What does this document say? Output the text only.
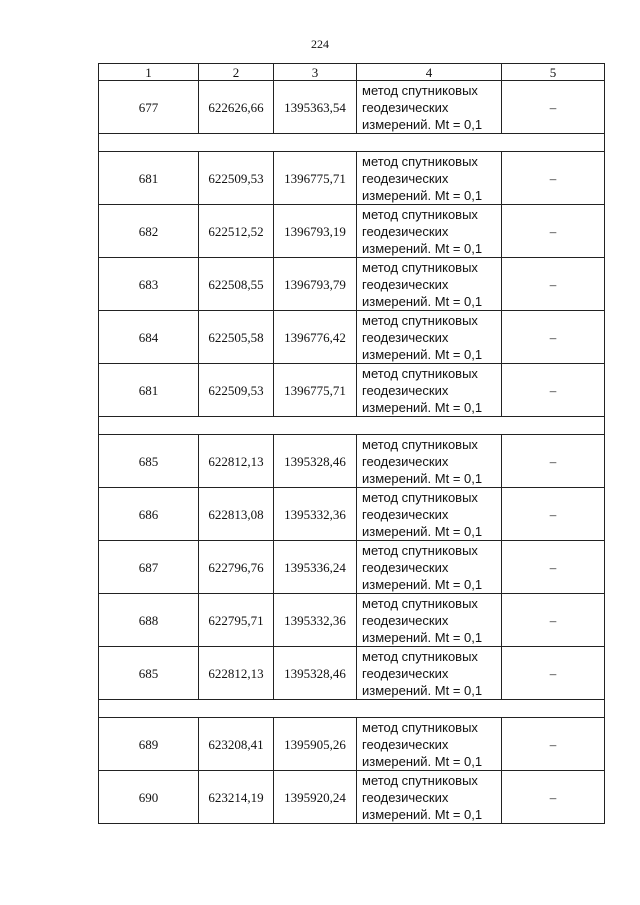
224
1	2	3	4	5
677	622626,66	1395363,54	метод спутниковых
геодезических
измерений. Mt = 0,1	–

681	622509,53	1396775,71	метод спутниковых
геодезических
измерений. Mt = 0,1	–
682	622512,52	1396793,19	метод спутниковых
геодезических
измерений. Mt = 0,1	–
683	622508,55	1396793,79	метод спутниковых
геодезических
измерений. Mt = 0,1	–
684	622505,58	1396776,42	метод спутниковых
геодезических
измерений. Mt = 0,1	–
681	622509,53	1396775,71	метод спутниковых
геодезических
измерений. Mt = 0,1	–

685	622812,13	1395328,46	метод спутниковых
геодезических
измерений. Mt = 0,1	–
686	622813,08	1395332,36	метод спутниковых
геодезических
измерений. Mt = 0,1	–
687	622796,76	1395336,24	метод спутниковых
геодезических
измерений. Mt = 0,1	–
688	622795,71	1395332,36	метод спутниковых
геодезических
измерений. Mt = 0,1	–
685	622812,13	1395328,46	метод спутниковых
геодезических
измерений. Mt = 0,1	–

689	623208,41	1395905,26	метод спутниковых
геодезических
измерений. Mt = 0,1	–
690	623214,19	1395920,24	метод спутниковых
геодезических
измерений. Mt = 0,1	–
